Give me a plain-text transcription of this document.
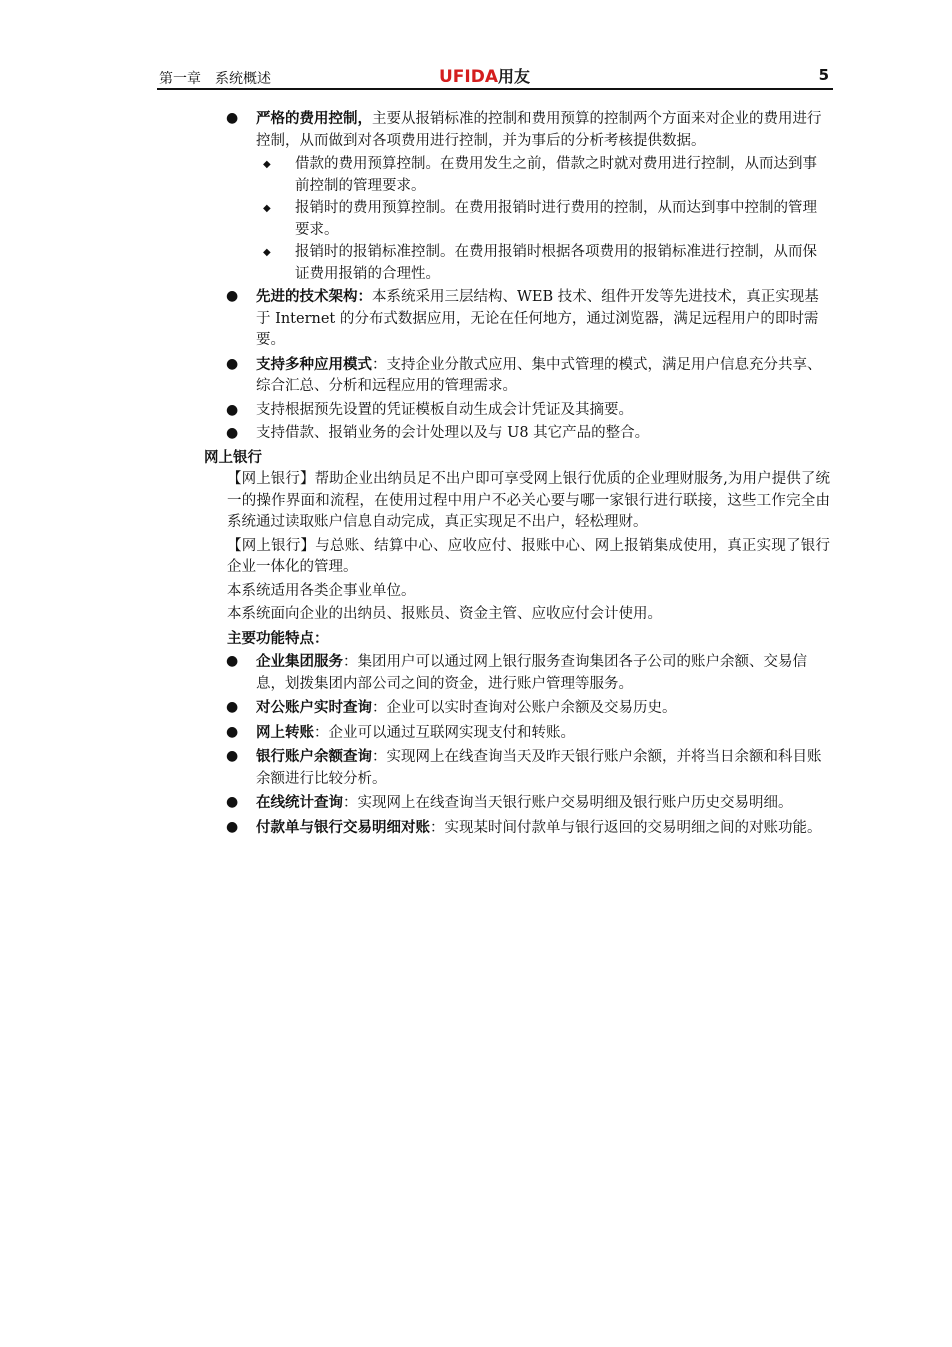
第一章　系统概述	UFIDA用友	5
● 严格的费用控制，主要从报销标准的控制和费用预算的控制两个方面来对企业的费用进行控制，从而做到对各项费用进行控制，并为事后的分析考核提供数据。
◆ 借款的费用预算控制。在费用发生之前，借款之时就对费用进行控制，从而达到事前控制的管理要求。
◆ 报销时的费用预算控制。在费用报销时进行费用的控制，从而达到事中控制的管理要求。
◆ 报销时的报销标准控制。在费用报销时根据各项费用的报销标准进行控制，从而保证费用报销的合理性。
● 先进的技术架构：本系统采用三层结构、WEB 技术、组件开发等先进技术，真正实现基于 Internet 的分布式数据应用，无论在任何地方，通过浏览器，满足远程用户的即时需要。
● 支持多种应用模式：支持企业分散式应用、集中式管理的模式，满足用户信息充分共享、综合汇总、分析和远程应用的管理需求。
● 支持根据预先设置的凭证模板自动生成会计凭证及其摘要。
● 支持借款、报销业务的会计处理以及与 U8 其它产品的整合。
网上银行
【网上银行】帮助企业出纳员足不出户即可享受网上银行优质的企业理财服务,为用户提供了统一的操作界面和流程，在使用过程中用户不必关心要与哪一家银行进行联接，这些工作完全由系统通过读取账户信息自动完成，真正实现足不出户，轻松理财。
【网上银行】与总账、结算中心、应收应付、报账中心、网上报销集成使用，真正实现了银行企业一体化的管理。
本系统适用各类企事业单位。
本系统面向企业的出纳员、报账员、资金主管、应收应付会计使用。
主要功能特点：
● 企业集团服务：集团用户可以通过网上银行服务查询集团各子公司的账户余额、交易信息，划拨集团内部公司之间的资金，进行账户管理等服务。
● 对公账户实时查询：企业可以实时查询对公账户余额及交易历史。
● 网上转账：企业可以通过互联网实现支付和转账。
● 银行账户余额查询：实现网上在线查询当天及昨天银行账户余额，并将当日余额和科目账余额进行比较分析。
● 在线统计查询：实现网上在线查询当天银行账户交易明细及银行账户历史交易明细。
● 付款单与银行交易明细对账：实现某时间付款单与银行返回的交易明细之间的对账功能。
